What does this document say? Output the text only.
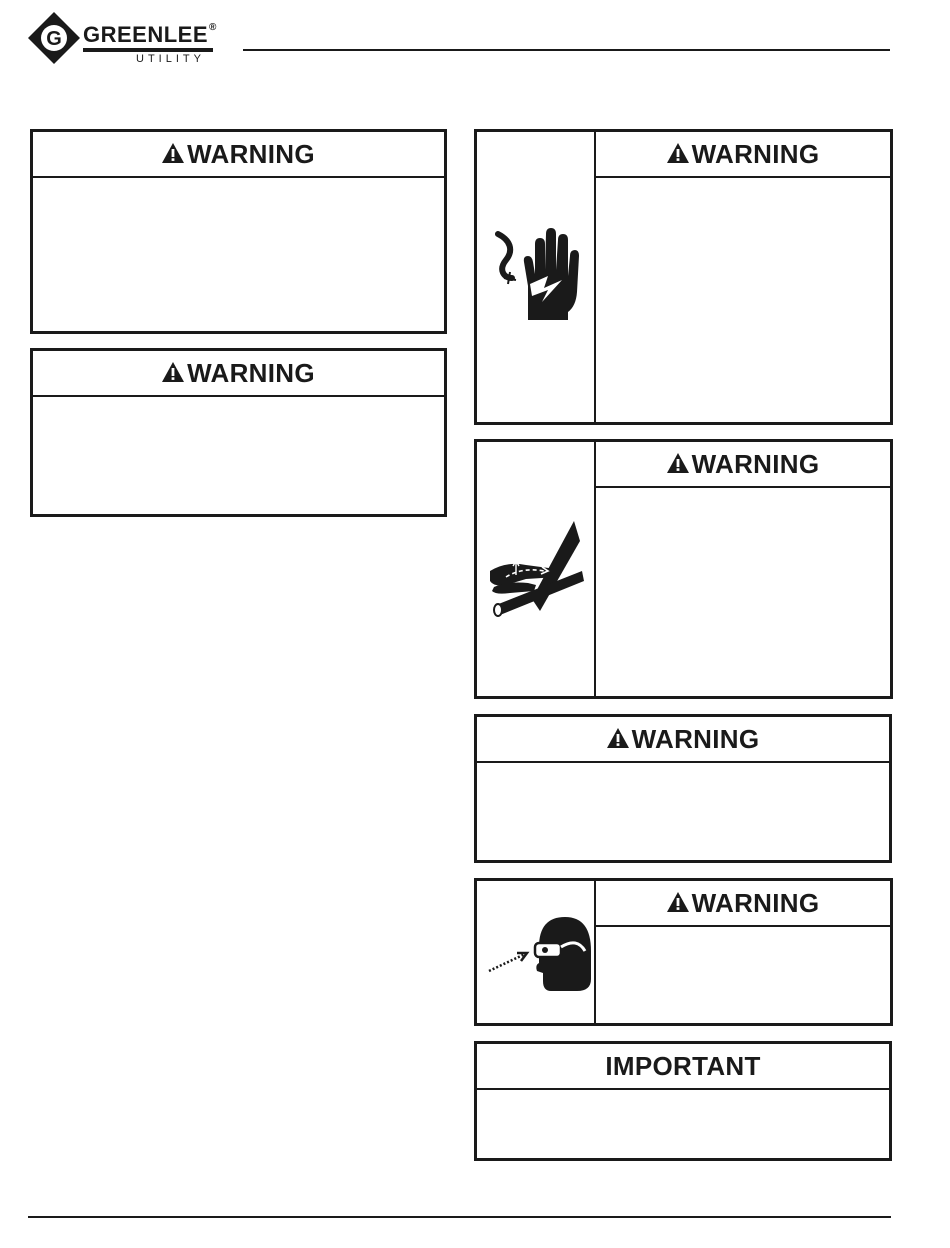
G GREENLEE®
UTILITY
WARNING
WARNING
WARNING
WARNING
WARNING
WARNING
IMPORTANT
